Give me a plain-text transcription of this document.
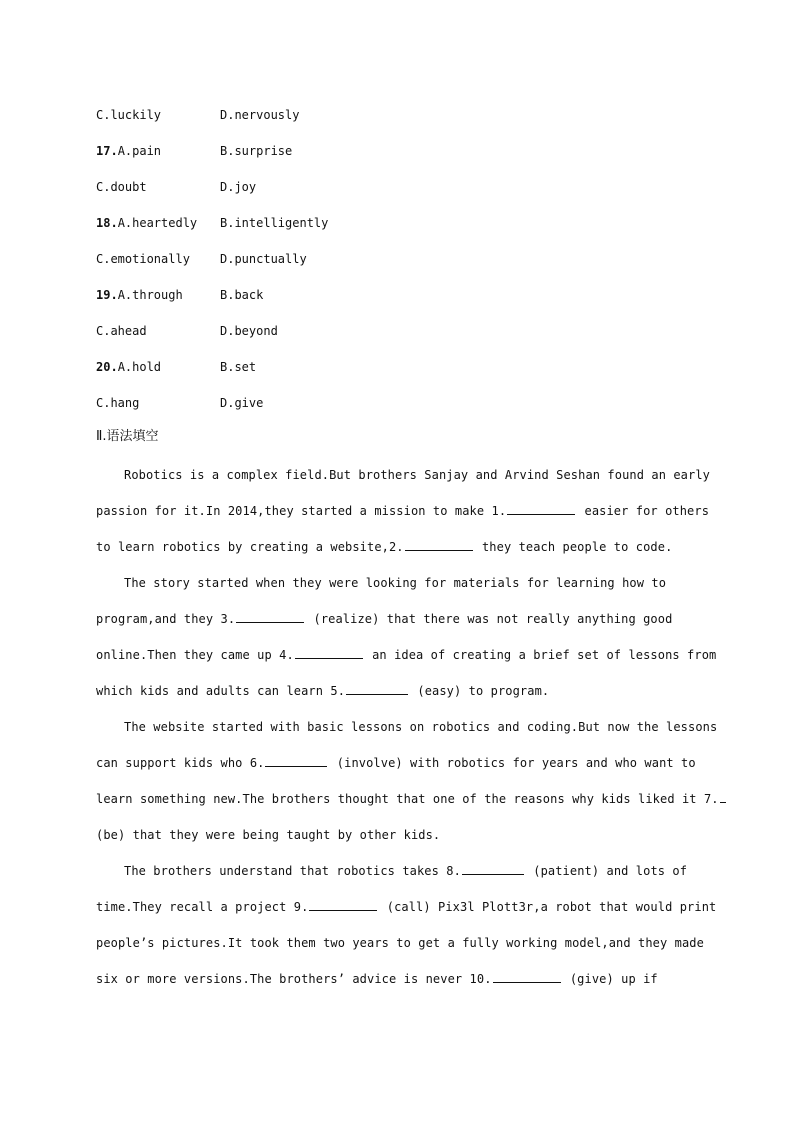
C.luckily	D.nervously
17.A.pain	B.surprise
C.doubt	D.joy
18.A.heartedly B.intelligently
C.emotionally	D.punctually
19.A.through	B.back
C.ahead	D.beyond
20.A.hold	B.set
C.hang	D.give
Ⅱ.语法填空
Robotics is a complex field.But brothers Sanjay and Arvind Seshan found an early
passion for it.In 2014,they started a mission to make 1.	easier for others
to learn robotics by creating a website,2.	they teach people to code.
The story started when they were looking for materials for learning how to
program,and they 3.	(realize) that there was not really anything good
online.Then they came up 4.	an idea of creating a brief set of lessons from
which kids and adults can learn 5.	(easy) to program.
The website started with basic lessons on robotics and coding.But now the lessons
can support kids who 6.	(involve) with robotics for years and who want to
learn something new.The brothers thought that one of the reasons why kids liked it 7.
(be) that they were being taught by other kids.
The brothers understand that robotics takes 8.	(patient) and lots of
time.They recall a project 9.	(call) Pix3l Plott3r,a robot that would print
people’s pictures.It took them two years to get a fully working model,and they made
six or more versions.The brothers’ advice is never 10.	(give) up if
